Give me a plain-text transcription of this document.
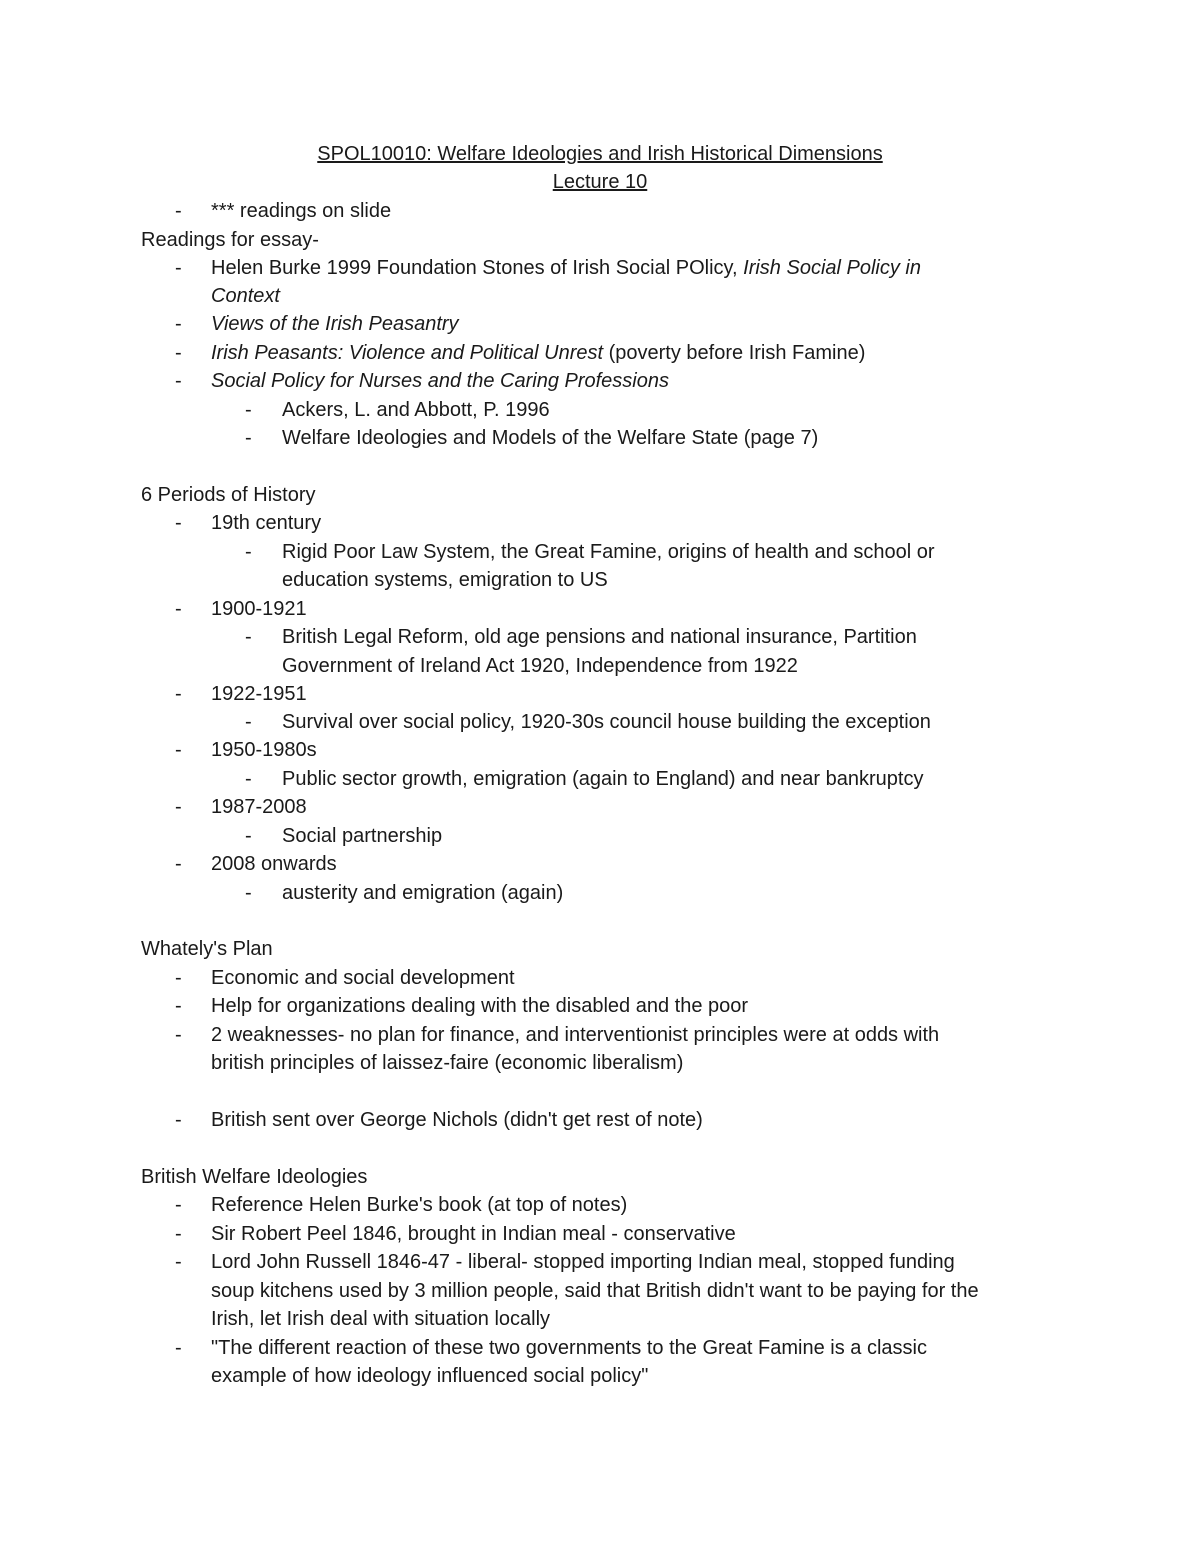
SPOL10010: Welfare Ideologies and Irish Historical Dimensions
Lecture 10
- *** readings on slide
Readings for essay-
- Helen Burke 1999 Foundation Stones of Irish Social POlicy, Irish Social Policy in
Context
- Views of the Irish Peasantry
- Irish Peasants: Violence and Political Unrest (poverty before Irish Famine)
- Social Policy for Nurses and the Caring Professions
- Ackers, L. and Abbott, P. 1996
- Welfare Ideologies and Models of the Welfare State (page 7)
6 Periods of History
- 19th century
- Rigid Poor Law System, the Great Famine, origins of health and school or
education systems, emigration to US
- 1900-1921
- British Legal Reform, old age pensions and national insurance, Partition
Government of Ireland Act 1920, Independence from 1922
- 1922-1951
- Survival over social policy, 1920-30s council house building the exception
- 1950-1980s
- Public sector growth, emigration (again to England) and near bankruptcy
- 1987-2008
- Social partnership
- 2008 onwards
- austerity and emigration (again)
Whately's Plan
- Economic and social development
- Help for organizations dealing with the disabled and the poor
- 2 weaknesses- no plan for finance, and interventionist principles were at odds with
british principles of laissez-faire (economic liberalism)
- British sent over George Nichols (didn't get rest of note)
British Welfare Ideologies
- Reference Helen Burke's book (at top of notes)
- Sir Robert Peel 1846, brought in Indian meal - conservative
- Lord John Russell 1846-47 - liberal- stopped importing Indian meal, stopped funding
soup kitchens used by 3 million people, said that British didn't want to be paying for the
Irish, let Irish deal with situation locally
- "The different reaction of these two governments to the Great Famine is a classic
example of how ideology influenced social policy"
